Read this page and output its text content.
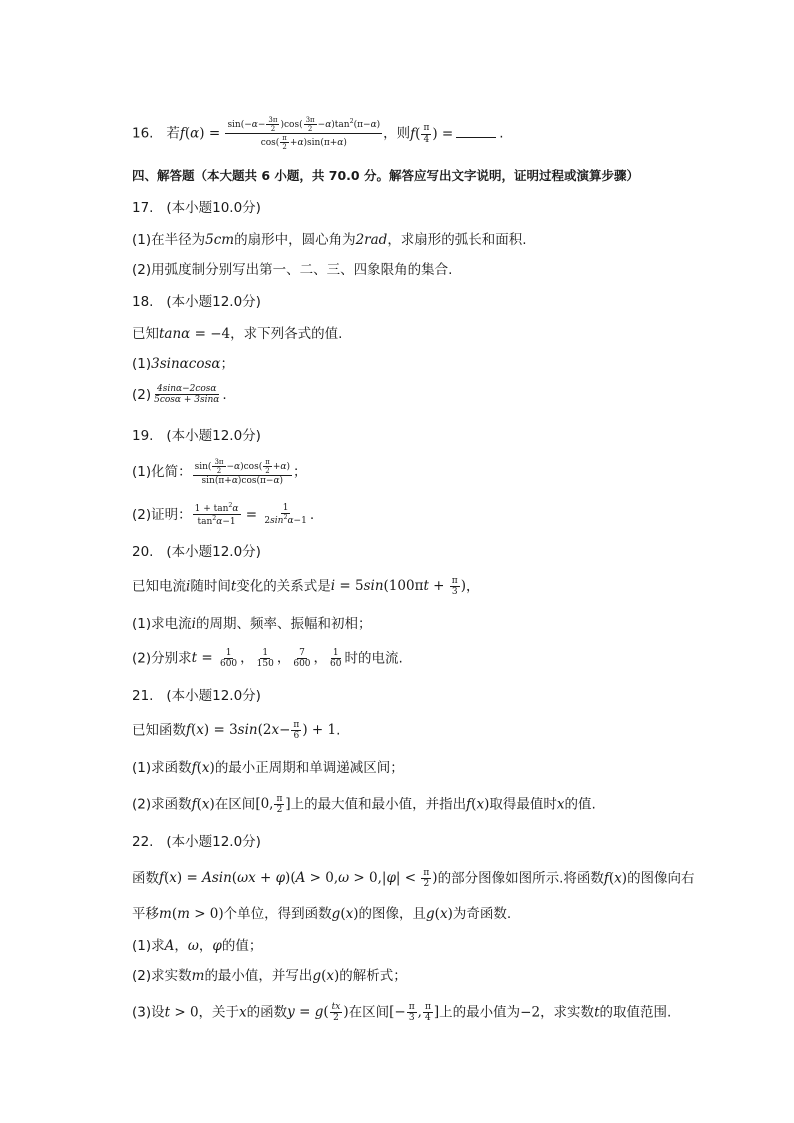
16. 若$f(\alpha) = \frac{\sin(-\alpha- \frac{3\pi}{2} )\cos( \frac{3\pi}{2} -\alpha)\tan^2(\pi-\alpha)}{\cos( \frac{\pi}{2} +\alpha)\sin(\pi+\alpha)}$ ，则$f( \frac{\pi}{4}$ ) =	.
四、解答题（本大题共 6 小题，共 70.0 分。解答应写出文字说明，证明过程或演算步骤）
17.   (本小题10.0分)
(1)在半径为5cm的扇形中，圆心角为2rad，求扇形的弧长和面积.
(2)用弧度制分别写出第一、二、三、四象限角的集合.
18.   (本小题12.0分)
已知tanα = −4，求下列各式的值.
(1)3sinαcosα；
$(2) \frac{4\sin\alpha-2\cos\alpha}{5\cos\alpha + 3\sin\alpha}$ .
19.   (本小题12.0分)
(1)化简： $\frac{\sin( \frac{3\pi}{2} -\alpha)\cos( \frac{\pi}{2} +\alpha)}{\sin(\pi+\alpha)\cos(\pi-\alpha)}$ ；
(2)证明： $\frac{1 + \tan^2\alpha}{\tan^2\alpha-1} = \frac{1}{2\sin^2\alpha-1}$ .
20.   (本小题12.0分)
已知电流i随时间t变化的关系式是$i = 5\sin(100\pi t + \frac{\pi}{3}$ )，
(1)求电流i的周期、频率、振幅和初相；
(2)分别求$t = \frac{1}{600}$ ， $\frac{1}{150}$ ， $\frac{7}{600}$ ， $\frac{1}{60}$ 时的电流.
21.   (本小题12.0分)
已知函数$f(x) = 3\sin(2x- \frac{\pi}{6}$ ) + 1.
(1)求函数f(x)的最小正周期和单调递减区间；
(2)求函数f(x)在区间[0, $\frac{\pi}{2}$ ]上的最大值和最小值，并指出f(x)取得最值时x的值.
22.   (本小题12.0分)
函数$f(x) = Asin(\omega x + \varphi)(A > 0,\omega > 0,|\varphi| < \frac{\pi}{2}$ )的部分图像如图所示.将函数f(x)的图像向右
平移m(m > 0)个单位，得到函数g(x)的图像，且g(x)为奇函数.
(1)求A，ω，φ的值；
(2)求实数m的最小值，并写出g(x)的解析式；
(3)设t > 0，关于x的函数$y = g( \frac{tx}{2}$ )在区间[− $\frac{\pi}{3}$ , $\frac{\pi}{4}$ ]上的最小值为−2，求实数t的取值范围.
